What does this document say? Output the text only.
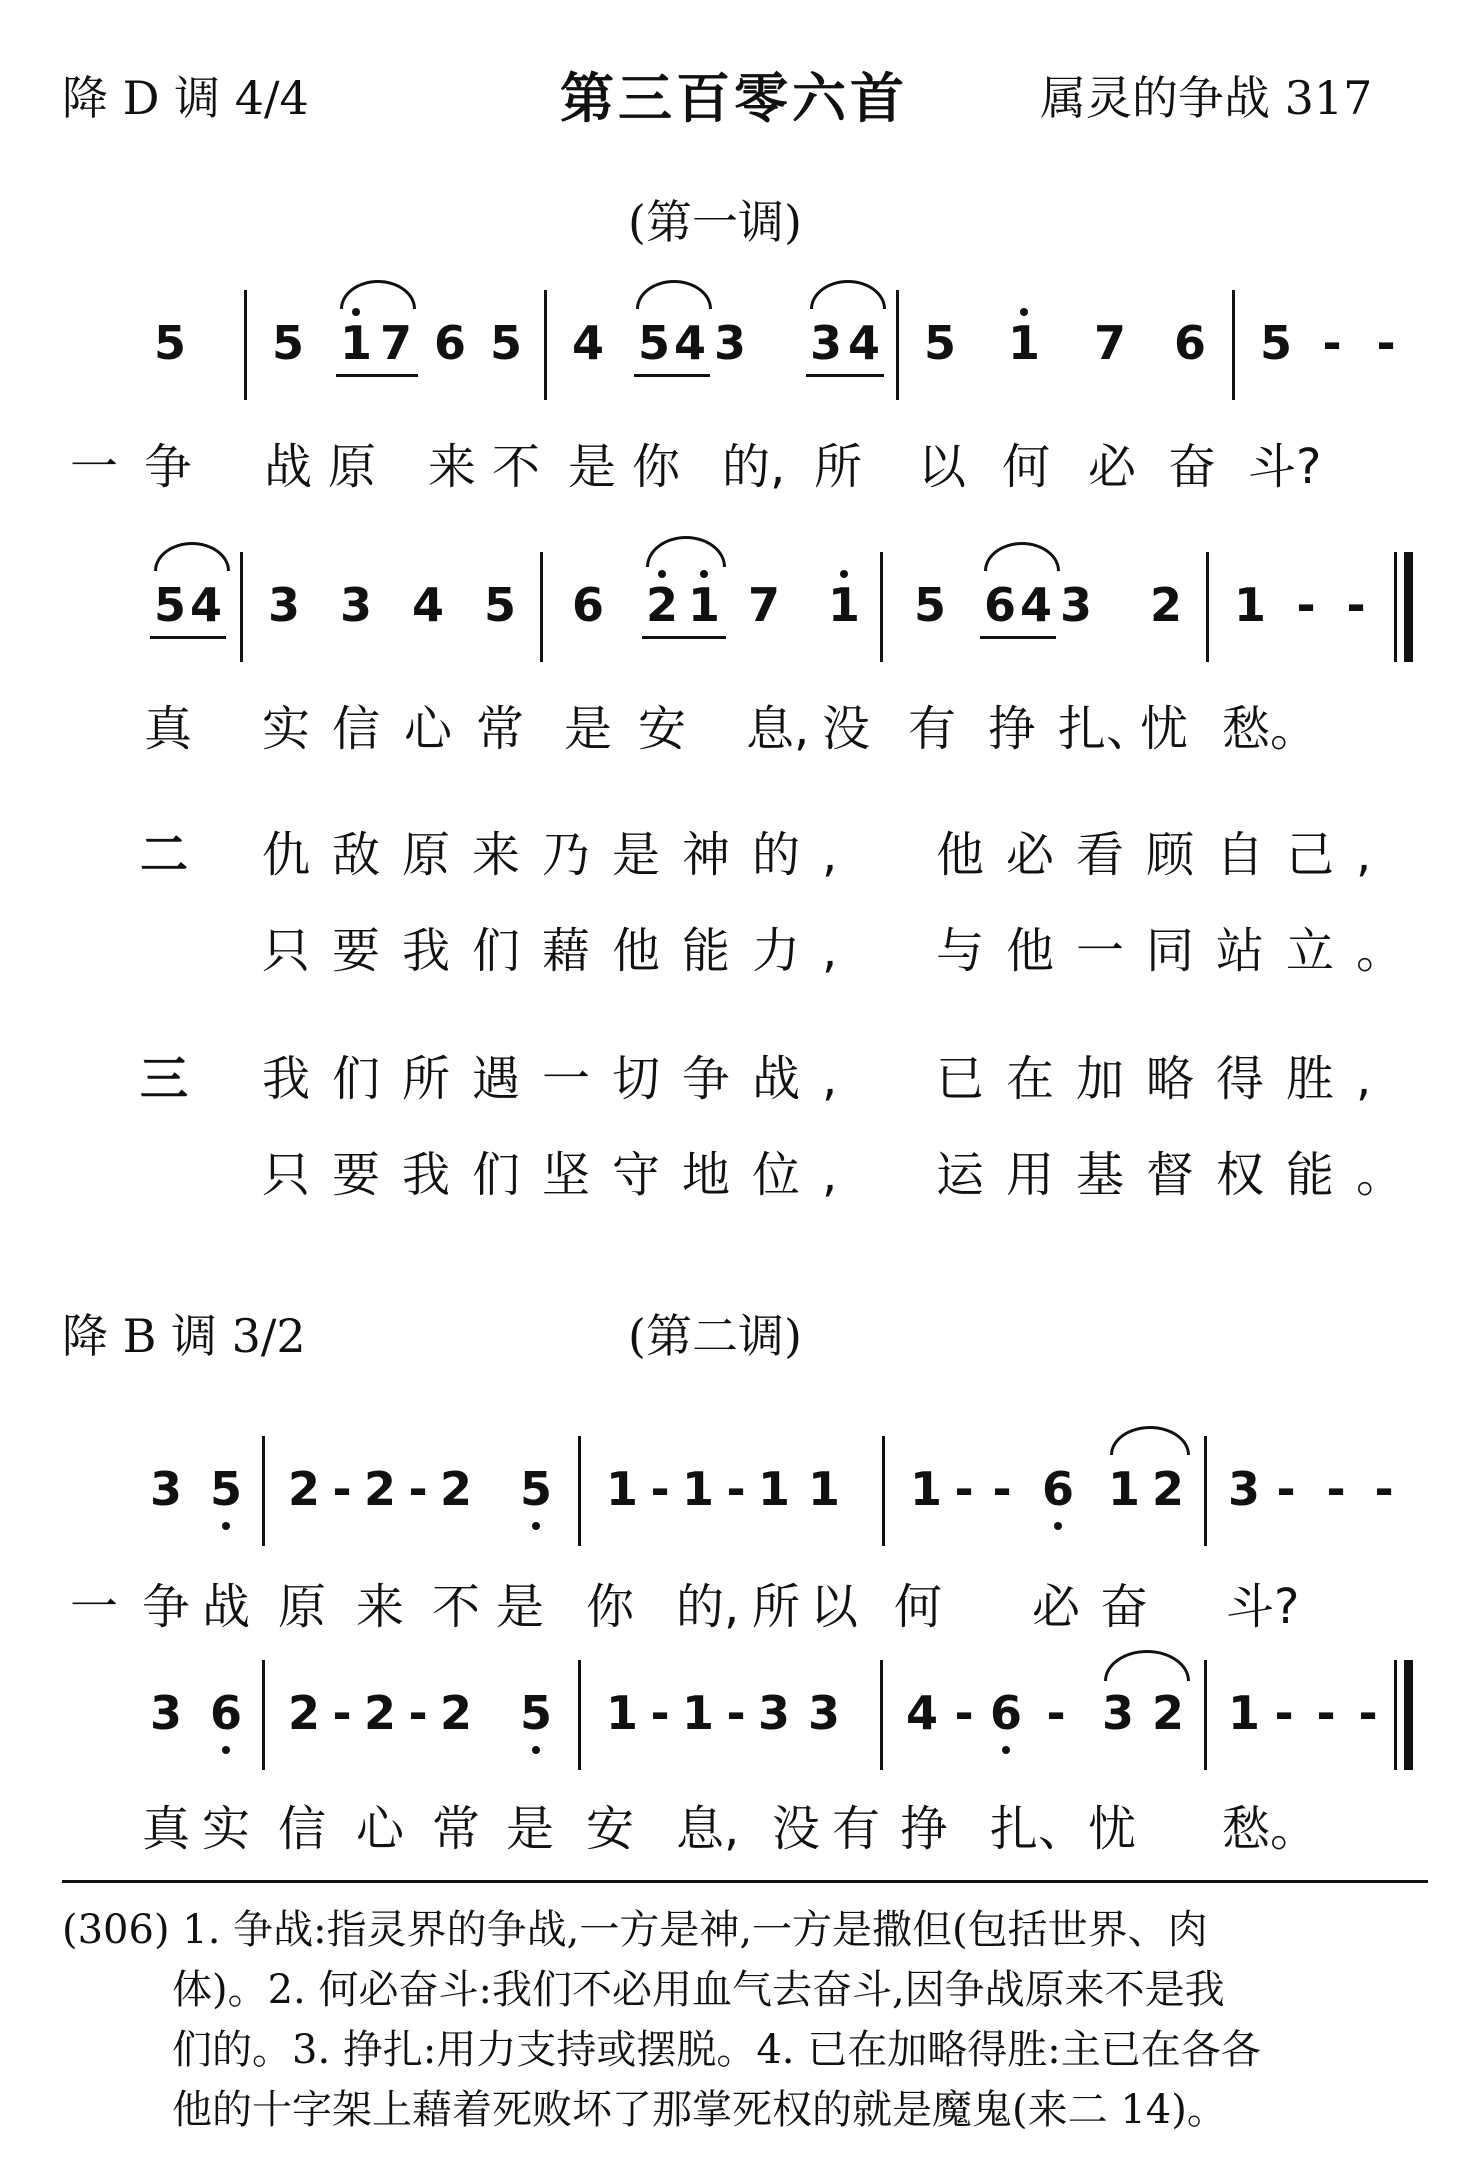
降 D 调 4/4	第三百零六首	属灵的争战 317
(第一调)
5 5 1 7 6 5 4 5 4 3 3 4 5 1 7 6 5 - -
一 争 战 原 来 不 是 你 的, 所 以 何 必 奋 斗?
5 4 3 3 4 5 6 2 1 7 1 5 6 4 3 2 1 - -
真 实 信 心 常 是 安 息, 没 有 挣 扎、
忧 愁。
二 仇敌原来乃是神的, 他必看顾自己,
只要我们藉他能力, 与他一同站立。
三 我们所遇一切争战, 已在加略得胜,
只要我们坚守地位, 运用基督权能。
降 B 调 3/2	(第二调)
3 5 2 - 2 - 2 5 1 - 1 - 1 1 1 - - 6 1 2 3 - - -
一 争 战 原 来 不 是 你 的, 所 以 何 必 奋 斗?
3 6 2 - 2 - 2 5 1 - 1 - 3 3 4 - 6 - 3 2 1 - - -
真 实 信 心 常 是 安 息, 没 有 挣 扎、 忧 愁。
(306) 1. 争战:指灵界的争战,一方是神,一方是撒但(包括世界、肉
体)。2. 何必奋斗:我们不必用血气去奋斗,因争战原来不是我
们的。3. 挣扎:用力支持或摆脱。4. 已在加略得胜:主已在各各
他的十字架上藉着死败坏了那掌死权的就是魔鬼(来二 14)。
